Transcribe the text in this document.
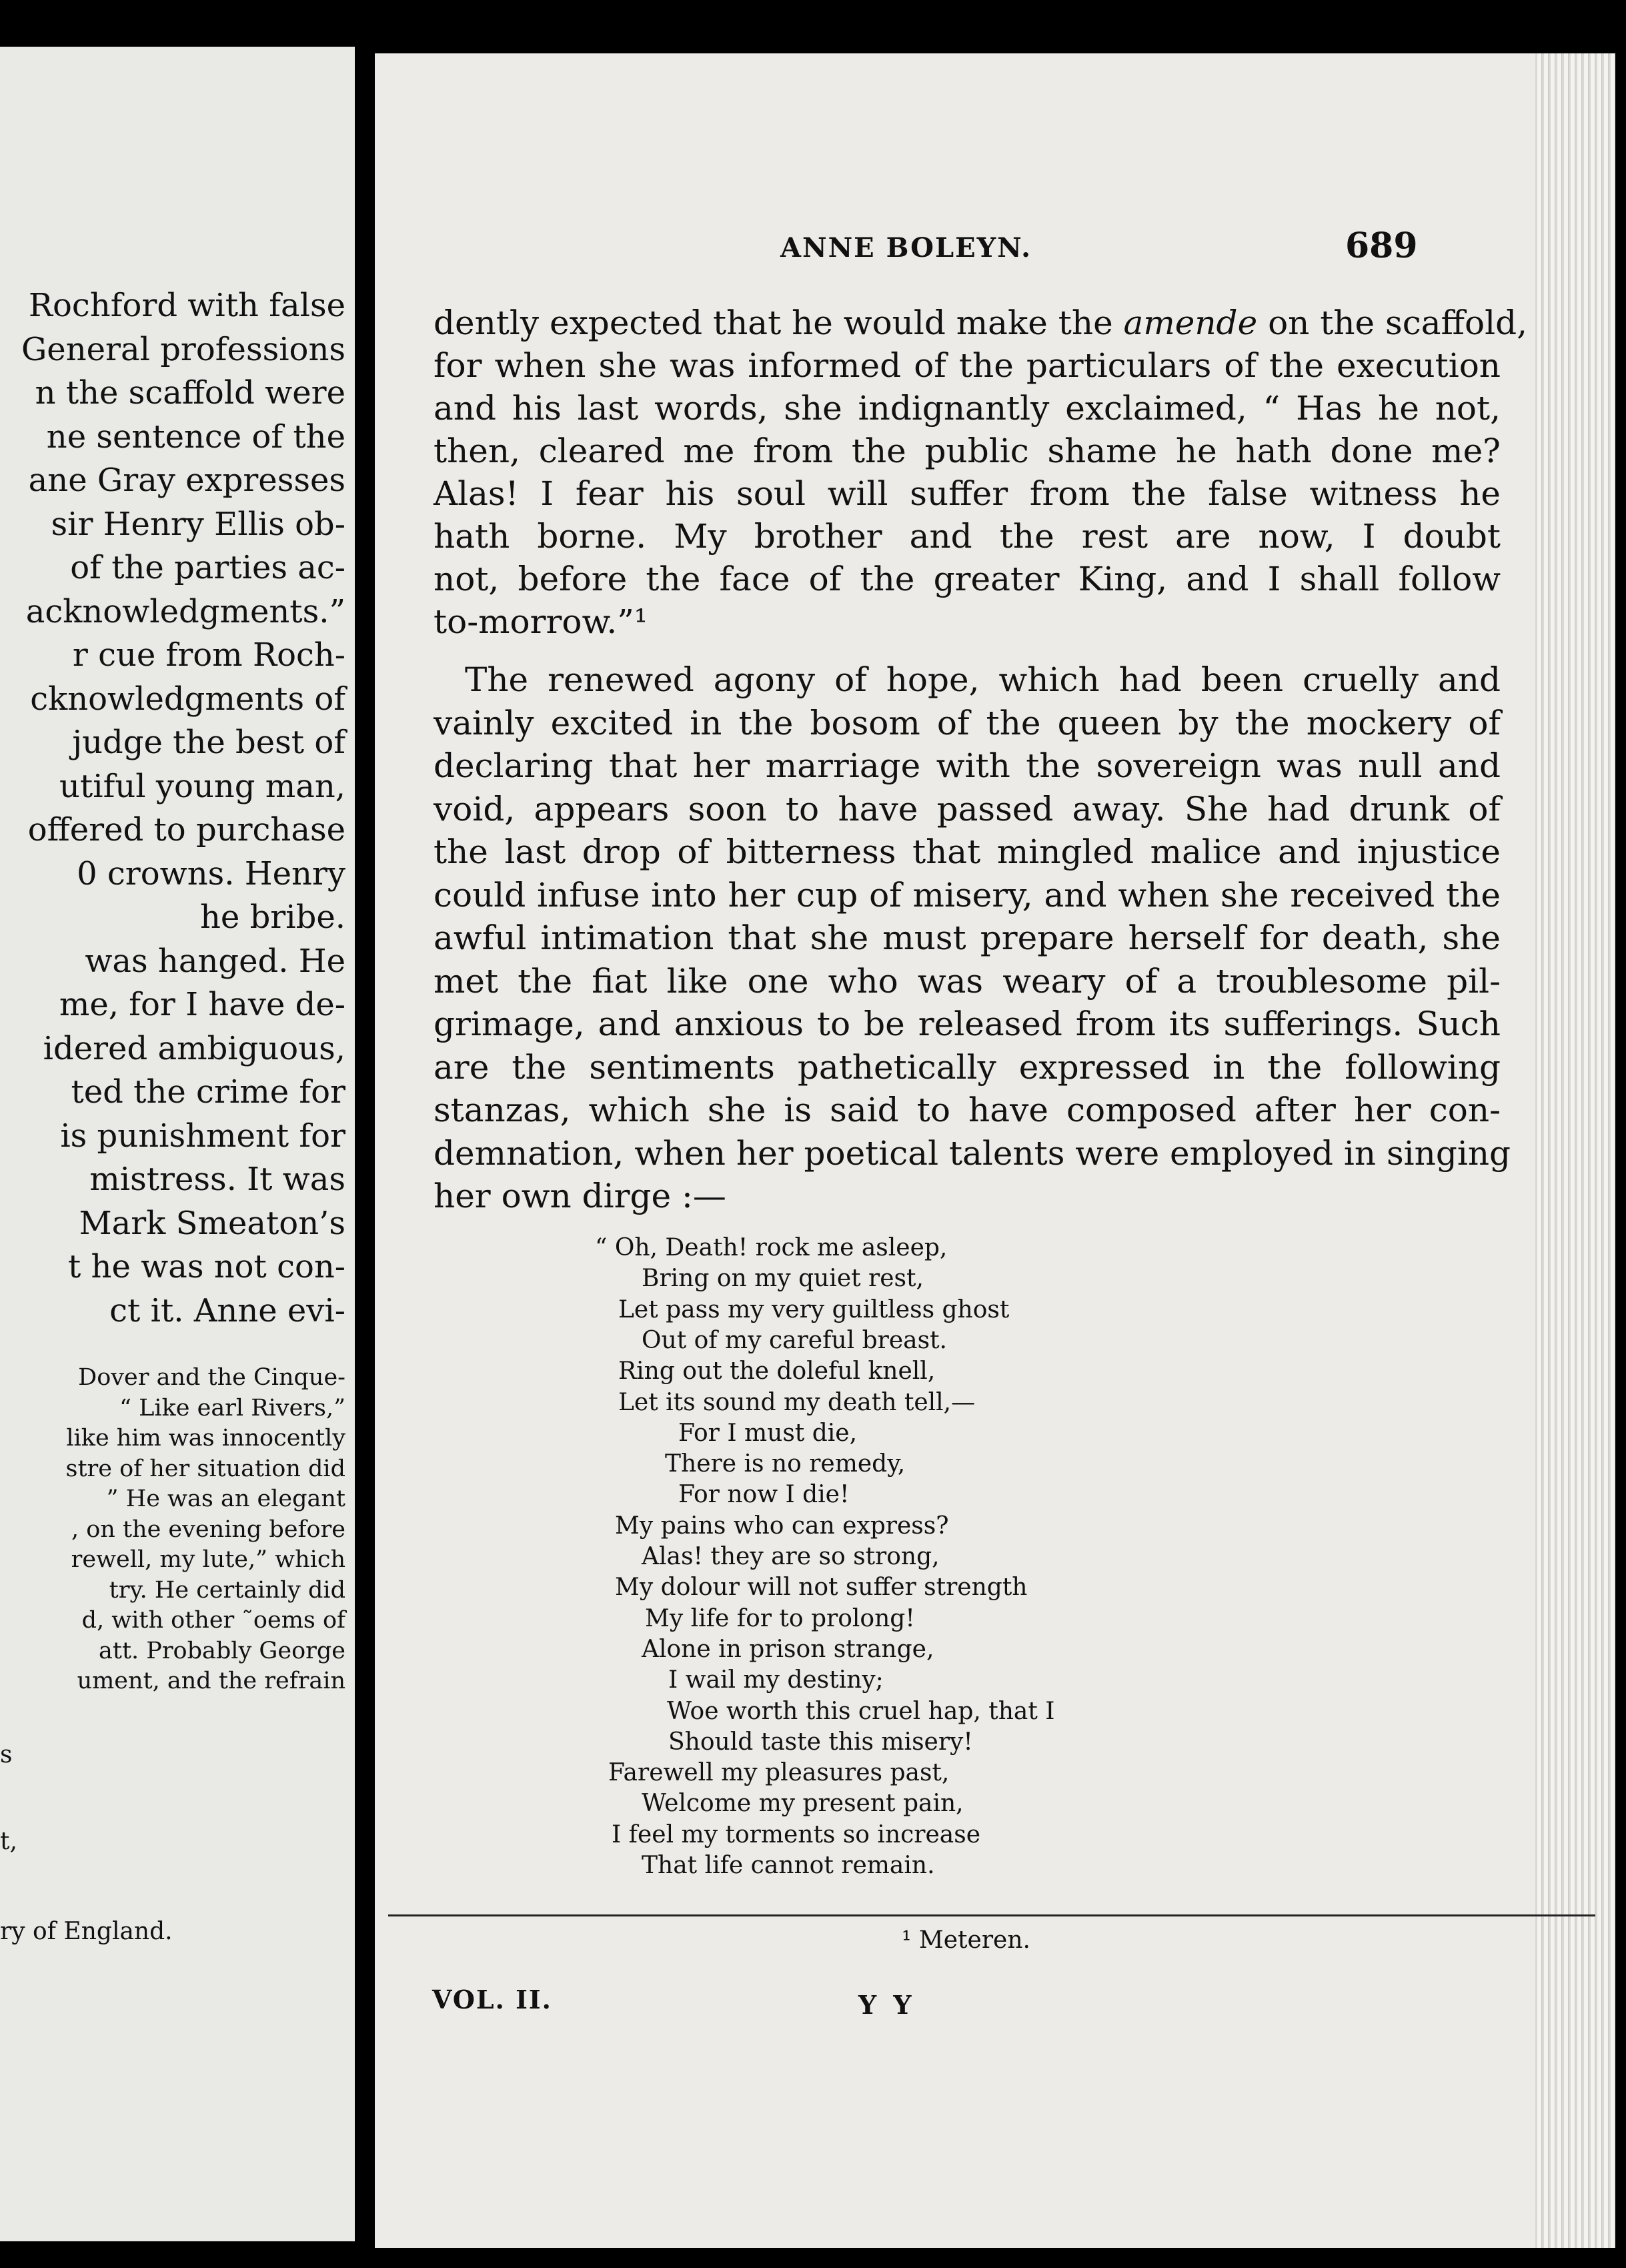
Rochford with false
General professions
n the scaffold were
ne sentence of the
ane Gray expresses
sir Henry Ellis ob-
of the parties ac-
acknowledgments.”
r cue from Roch-
cknowledgments of
judge the best of
utiful young man,
offered to purchase
0 crowns. Henry
he bribe.
was hanged. He
me, for I have de-
idered ambiguous,
ted the crime for
is punishment for
mistress. It was
Mark Smeaton’s
t he was not con-
ct it. Anne evi-
Dover and the Cinque-
“ Like earl Rivers,”
like him was innocently
stre of her situation did
” He was an elegant
, on the evening before
rewell, my lute,” which
try. He certainly did
d, with other ˜oems of
att. Probably George
ument, and the refrain
s
t,
ry of England.
ANNE BOLEYN.	689
dently expected that he would make the amende on the scaffold,
for when she was informed of the particulars of the execution
and his last words, she indignantly exclaimed, “ Has he not,
then, cleared me from the public shame he hath done me?
Alas! I fear his soul will suffer from the false witness he
hath borne. My brother and the rest are now, I doubt
not, before the face of the greater King, and I shall follow
to-morrow.”¹
The renewed agony of hope, which had been cruelly and
vainly excited in the bosom of the queen by the mockery of
declaring that her marriage with the sovereign was null and
void, appears soon to have passed away. She had drunk of
the last drop of bitterness that mingled malice and injustice
could infuse into her cup of misery, and when she received the
awful intimation that she must prepare herself for death, she
met the fiat like one who was weary of a troublesome pil-
grimage, and anxious to be released from its sufferings. Such
are the sentiments pathetically expressed in the following
stanzas, which she is said to have composed after her con-
demnation, when her poetical talents were employed in singing
her own dirge :—
“ Oh, Death! rock me asleep,
Bring on my quiet rest,
Let pass my very guiltless ghost
Out of my careful breast.
Ring out the doleful knell,
Let its sound my death tell,—
For I must die,
There is no remedy,
For now I die!
My pains who can express?
Alas! they are so strong,
My dolour will not suffer strength
My life for to prolong!
Alone in prison strange,
I wail my destiny;
Woe worth this cruel hap, that I
Should taste this misery!
Farewell my pleasures past,
Welcome my present pain,
I feel my torments so increase
That life cannot remain.
¹ Meteren.
VOL. II.	Y Y
